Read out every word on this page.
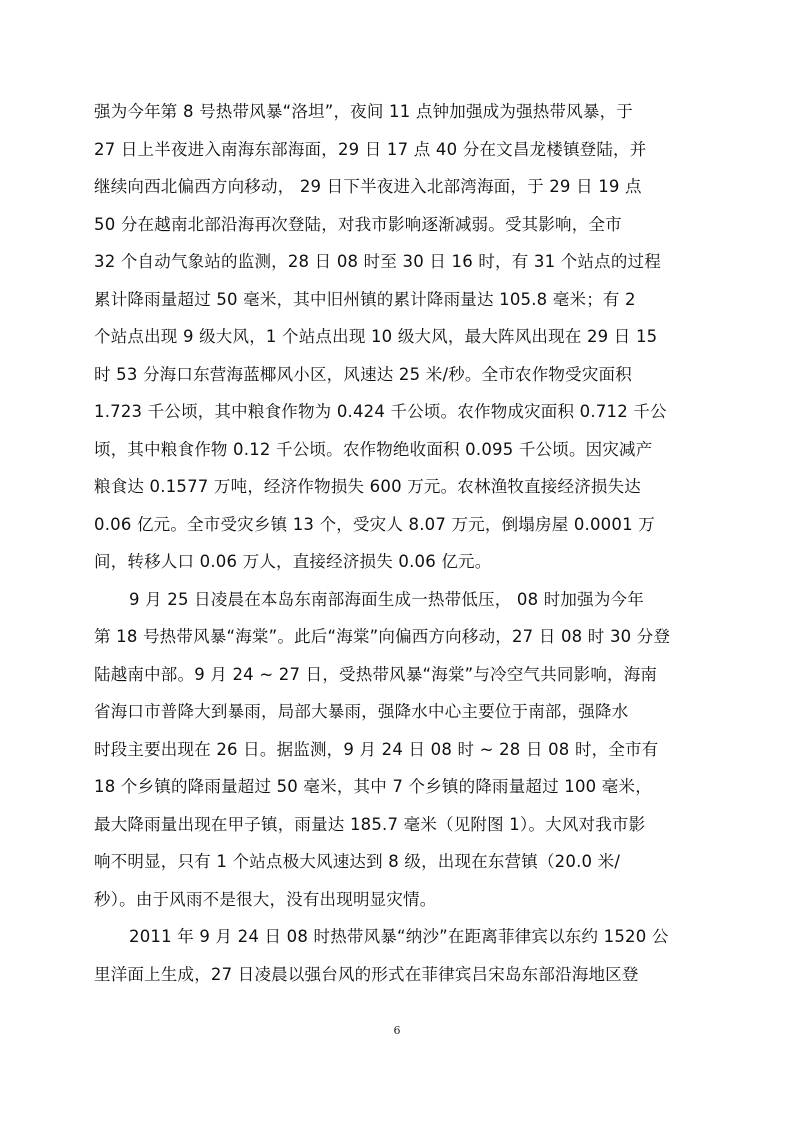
强为今年第 8 号热带风暴“洛坦”，夜间 11 点钟加强成为强热带风暴，于
27 日上半夜进入南海东部海面，29 日 17 点 40 分在文昌龙楼镇登陆，并
继续向西北偏西方向移动， 29 日下半夜进入北部湾海面，于 29 日 19 点
50 分在越南北部沿海再次登陆，对我市影响逐渐减弱。受其影响，全市
32 个自动气象站的监测，28 日 08 时至 30 日 16 时，有 31 个站点的过程
累计降雨量超过 50 毫米，其中旧州镇的累计降雨量达 105.8 毫米；有 2
个站点出现 9 级大风，1 个站点出现 10 级大风，最大阵风出现在 29 日 15
时 53 分海口东营海蓝椰风小区，风速达 25 米/秒。全市农作物受灾面积
1.723 千公顷，其中粮食作物为 0.424 千公顷。农作物成灾面积 0.712 千公
顷，其中粮食作物 0.12 千公顷。农作物绝收面积 0.095 千公顷。因灾减产
粮食达 0.1577 万吨，经济作物损失 600 万元。农林渔牧直接经济损失达
0.06 亿元。全市受灾乡镇 13 个，受灾人 8.07 万元，倒塌房屋 0.0001 万
间，转移人口 0.06 万人，直接经济损失 0.06 亿元。
9 月 25 日凌晨在本岛东南部海面生成一热带低压， 08 时加强为今年
第 18 号热带风暴“海棠”。此后“海棠”向偏西方向移动，27 日 08 时 30 分登
陆越南中部。9 月 24 ~ 27 日，受热带风暴“海棠”与冷空气共同影响，海南
省海口市普降大到暴雨，局部大暴雨，强降水中心主要位于南部，强降水
时段主要出现在 26 日。据监测，9 月 24 日 08 时 ~ 28 日 08 时，全市有
18 个乡镇的降雨量超过 50 毫米，其中 7 个乡镇的降雨量超过 100 毫米，
最大降雨量出现在甲子镇，雨量达 185.7 毫米（见附图 1）。大风对我市影
响不明显，只有 1 个站点极大风速达到 8 级，出现在东营镇（20.0 米/
秒）。由于风雨不是很大，没有出现明显灾情。
2011 年 9 月 24 日 08 时热带风暴“纳沙”在距离菲律宾以东约 1520 公
里洋面上生成，27 日凌晨以强台风的形式在菲律宾吕宋岛东部沿海地区登
6
